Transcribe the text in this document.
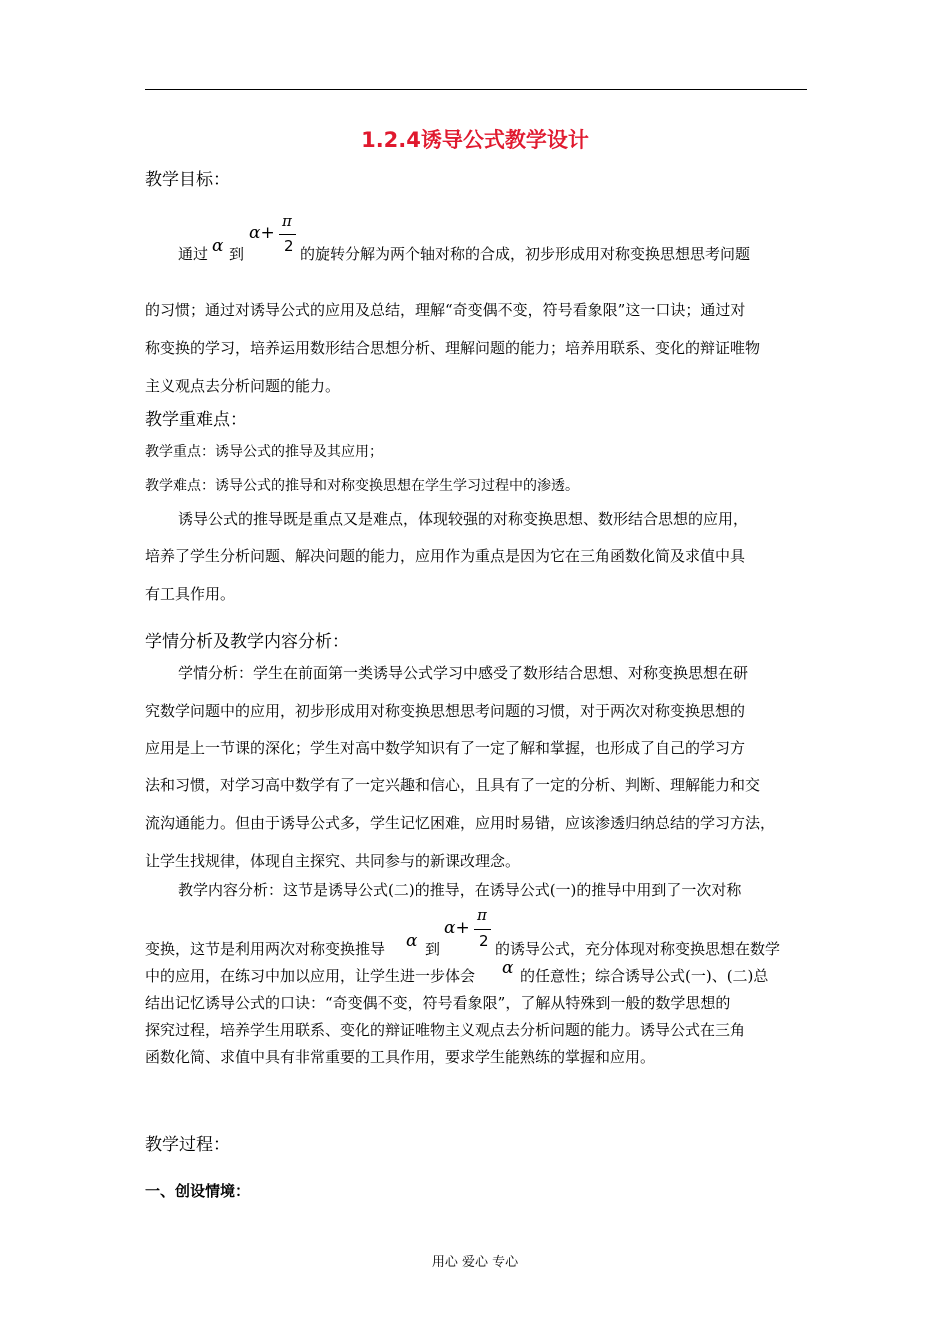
1.2.4诱导公式教学设计
教学目标：
通过 α 到
α+
π
2 的旋转分解为两个轴对称的合成，初步形成用对称变换思想思考问题
的习惯；通过对诱导公式的应用及总结，理解“奇变偶不变，符号看象限”这一口诀；通过对
称变换的学习，培养运用数形结合思想分析、理解问题的能力；培养用联系、变化的辩证唯物
主义观点去分析问题的能力。
教学重难点：
教学重点：诱导公式的推导及其应用；
教学难点：诱导公式的推导和对称变换思想在学生学习过程中的渗透。
诱导公式的推导既是重点又是难点，体现较强的对称变换思想、数形结合思想的应用，
培养了学生分析问题、解决问题的能力，应用作为重点是因为它在三角函数化简及求值中具
有工具作用。
学情分析及教学内容分析：
学情分析：学生在前面第一类诱导公式学习中感受了数形结合思想、对称变换思想在研
究数学问题中的应用，初步形成用对称变换思想思考问题的习惯，对于两次对称变换思想的
应用是上一节课的深化；学生对高中数学知识有了一定了解和掌握，也形成了自己的学习方
法和习惯，对学习高中数学有了一定兴趣和信心，且具有了一定的分析、判断、理解能力和交
流沟通能力。但由于诱导公式多，学生记忆困难，应用时易错，应该渗透归纳总结的学习方法，
让学生找规律，体现自主探究、共同参与的新课改理念。
教学内容分析：这节是诱导公式(二)的推导，在诱导公式(一)的推导中用到了一次对称
变换，这节是利用两次对称变换推导 α 到
α+
π
2 的诱导公式，充分体现对称变换思想在数学
中的应用，在练习中加以应用，让学生进一步体会 α 的任意性；综合诱导公式(一)、(二)总
结出记忆诱导公式的口诀：“奇变偶不变，符号看象限”，了解从特殊到一般的数学思想的
探究过程，培养学生用联系、变化的辩证唯物主义观点去分析问题的能力。诱导公式在三角
函数化简、求值中具有非常重要的工具作用，要求学生能熟练的掌握和应用。
教学过程：
一、创设情境：
用心 爱心 专心
